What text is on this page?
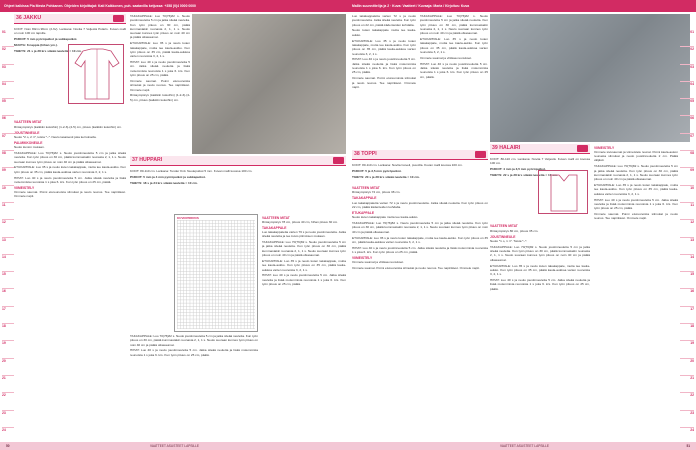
Ohjeet kaikissa Pia Mesta Pohkanen. Ohjeiden kirjoittajat: Kati Kaikkonen, puh. saatavilla ketjussa: +358 (0)4 0000 0000	Mallin suunnittelija ja 2 · Kuva: Vaatteet / Kuvaaja: Maria / Kirjoitus: Kuva
01
02
03
04
05
06
07
08
09
10
11
12
13
14
15
16
17
18
19
20
21
22
23
24
36 JAKKU

KOOT: Noin 80cm·96cm (2-6v). Lankana: Novita 7 Veljestä Polaris. Kuvan malli on noin 100 cm lapsille.

PUIKOT: 5 mm pyöröpuikot ja sukkapuikot.

MUUTA: 8 nappia (hihan ym.).

TIHEYS: 21 s ja 28 krs sileää neuletta = 10 cm.

VAATTEEN MITAT

Rintaympärys (kaikkiin kokoihin) (1-2-3)-(4-5) cm, pituus (kaikkiin kokoihin) cm.

JOUSTINNEULE

Neulo *2 o, 2 n*, toista *–*. Neulo tasaisesti joka kerroksella.

PALMIKKONEULE

Neulo kuvion mukaan.

TAKAKAPPALE: Luo 70(76)82 s. Neulo joustinneuletta 5 cm ja jatka sileää neuletta. Kun työn pituus on 30 cm, päätä kummastakin reunasta 2, 1, 1 s. Neulo suoraan kunnes työn pituus on noin 40 cm ja päätä olkasaumat.

ETUKAPPALE: Luo 35 s ja neulo kuten takakappale, mutta tee kaula-aukko. Kun työn pituus on 35 cm, päätä kaula-aukkoa varten reunoista 3, 2, 1 s.

HIHAT: Luo 40 s ja neulo joustinneuletta 5 cm. Jatka sileää neuletta ja lisää molemmista reunoista 1 s joka 6. krs. Kun työn pituus on 25 cm, päätä.

VIIMEISTELY

Ommele saumat. Poimi etureunoista silmukat ja neulo reunus. Tee napinlävet. Ommele napit.

TAKAKAPPALE: Luo 70(76)82 s. Neulo joustinneuletta 5 cm ja jatka sileää neuletta. Kun työn pituus on 30 cm, päätä kummastakin reunasta 2, 1, 1 s. Neulo suoraan kunnes työn pituus on noin 40 cm ja päätä olkasaumat.

ETUKAPPALE: Luo 35 s ja neulo kuten takakappale, mutta tee kaula-aukko. Kun työn pituus on 35 cm, päätä kaula-aukkoa varten reunoista 3, 2, 1 s.

HIHAT: Luo 40 s ja neulo joustinneuletta 5 cm. Jatka sileää neuletta ja lisää molemmista reunoista 1 s joka 6. krs. Kun työn pituus on 25 cm, päätä.

Ommele saumat. Poimi etureunoista silmukat ja neulo reunus. Tee napinlävet. Ommele napit.

Rintaympärys (kaikkiin kokoihin) (1-2-3)-(4-5) cm, pituus (kaikkiin kokoihin) cm.

37 HUPPARI

KOOT: 80-110 cm. Lankana: Tender Knit. Neulepuikot 5 mm. Kuvan malli koossa 100 cm.

PUIKOT: 5 mm ja 4 mm pyöröpuikot ja sukkapuikot.

TIHEYS: 18 s ja 24 krs sileää neuletta = 10 cm.

KUVIOPIIRROS	VAATTEEN MITAT

Rintaympärys 78 cm, pituus 40 cm, hihan pituus 30 cm.

TAKAKAPPALE

Luo takakappaletta varten 76 s ja neulo joustinneuletta. Jatka sileää neuletta ja tee kuvio piirroksen mukaan.

TAKAKAPPALE: Luo 70(76)82 s. Neulo joustinneuletta 5 cm ja jatka sileää neuletta. Kun työn pituus on 30 cm, päätä kummastakin reunasta 2, 1, 1 s. Neulo suoraan kunnes työn pituus on noin 40 cm ja päätä olkasaumat.

ETUKAPPALE: Luo 35 s ja neulo kuten takakappale, mutta tee kaula-aukko. Kun työn pituus on 35 cm, päätä kaula-aukkoa varten reunoista 3, 2, 1 s.

HIHAT: Luo 40 s ja neulo joustinneuletta 5 cm. Jatka sileää neuletta ja lisää molemmista reunoista 1 s joka 6. krs. Kun työn pituus on 25 cm, päätä.

TAKAKAPPALE: Luo 70(76)82 s. Neulo joustinneuletta 5 cm ja jatka sileää neuletta. Kun työn pituus on 30 cm, päätä kummastakin reunasta 2, 1, 1 s. Neulo suoraan kunnes työn pituus on noin 40 cm ja päätä olkasaumat.

HIHAT: Luo 40 s ja neulo joustinneuletta 5 cm. Jatka sileää neuletta ja lisää molemmista reunoista 1 s joka 6. krs. Kun työn pituus on 25 cm, päätä.

Luo takakappaletta varten 72 s ja neulo joustinneuletta. Jatka sileää neuletta. Kun työn pituus on 22 cm, päätä kädenteiden kohdalta.

Neulo kuten takakappale mutta tee kaula-aukko.

ETUKAPPALE: Luo 35 s ja neulo kuten takakappale, mutta tee kaula-aukko. Kun työn pituus on 35 cm, päätä kaula-aukkoa varten reunoista 3, 2, 1 s.

HIHAT: Luo 40 s ja neulo joustinneuletta 5 cm. Jatka sileää neuletta ja lisää molemmista reunoista 1 s joka 6. krs. Kun työn pituus on 25 cm, päätä.

Ommele saumat. Poimi etureunoista silmukat ja neulo reunus. Tee napinlävet. Ommele napit.

TAKAKAPPALE: Luo 70(76)82 s. Neulo joustinneuletta 5 cm ja jatka sileää neuletta. Kun työn pituus on 30 cm, päätä kummastakin reunasta 2, 1, 1 s. Neulo suoraan kunnes työn pituus on noin 40 cm ja päätä olkasaumat.

ETUKAPPALE: Luo 35 s ja neulo kuten takakappale, mutta tee kaula-aukko. Kun työn pituus on 35 cm, päätä kaula-aukkoa varten reunoista 3, 2, 1 s.

Ommele saumat ja virkkaa reunukset.

HIHAT: Luo 40 s ja neulo joustinneuletta 5 cm. Jatka sileää neuletta ja lisää molemmista reunoista 1 s joka 6. krs. Kun työn pituus on 25 cm, päätä.

38 TOPPI

KOOT: 80-110 cm. Lankana: Novita Isoveli, puuvilla. Kuvan malli koossa 100 cm.

PUIKOT: 5 ja 3,5 mm pyöröpuikot.

TIHEYS: 20 s ja 28 krs sileää neuletta = 10 cm.

VAATTEEN MITAT

Rintaympärys 72 cm, pituus 38 cm.

TAKAKAPPALE

Luo takakappaletta varten 72 s ja neulo joustinneuletta. Jatka sileää neuletta. Kun työn pituus on 22 cm, päätä kädenteiden kohdalta.

ETUKAPPALE

Neulo kuten takakappale mutta tee kaula-aukko.

TAKAKAPPALE: Luo 70(76)82 s. Neulo joustinneuletta 5 cm ja jatka sileää neuletta. Kun työn pituus on 30 cm, päätä kummastakin reunasta 2, 1, 1 s. Neulo suoraan kunnes työn pituus on noin 40 cm ja päätä olkasaumat.

ETUKAPPALE: Luo 35 s ja neulo kuten takakappale, mutta tee kaula-aukko. Kun työn pituus on 35 cm, päätä kaula-aukkoa varten reunoista 3, 2, 1 s.

HIHAT: Luo 40 s ja neulo joustinneuletta 5 cm. Jatka sileää neuletta ja lisää molemmista reunoista 1 s joka 6. krs. Kun työn pituus on 25 cm, päätä.

VIIMEISTELY

Ommele saumat ja virkkaa reunukset.

Ommele saumat. Poimi etureunoista silmukat ja neulo reunus. Tee napinlävet. Ommele napit.

39 HALAIRI

KOOT: 80-110 cm. Lankana: Novita 7 Veljestä. Kuvan malli on koossa 100 cm.

PUIKOT: 4 mm ja 3,5 mm pyöröpuikot.

TIHEYS: 22 s ja 28 krs sileää neuletta = 10 cm.

VAATTEEN MITAT

Rintaympärys 80 cm, pituus 35 cm.

JOUSTINNEULE

Neulo *1 o, 1 n*. Toista *–*.

TAKAKAPPALE: Luo 70(76)82 s. Neulo joustinneuletta 5 cm ja jatka sileää neuletta. Kun työn pituus on 30 cm, päätä kummastakin reunasta 2, 1, 1 s. Neulo suoraan kunnes työn pituus on noin 40 cm ja päätä olkasaumat.

ETUKAPPALE: Luo 35 s ja neulo kuten takakappale, mutta tee kaula-aukko. Kun työn pituus on 35 cm, päätä kaula-aukkoa varten reunoista 3, 2, 1 s.

HIHAT: Luo 40 s ja neulo joustinneuletta 5 cm. Jatka sileää neuletta ja lisää molemmista reunoista 1 s joka 6. krs. Kun työn pituus on 25 cm, päätä.

VIIMEISTELY

Ommele sivusaumat ja viimeistele reunat. Poimi kaula-aukon reunasta silmukat ja neulo joustinneuletta 2 cm. Päätä väljästi.

TAKAKAPPALE: Luo 70(76)82 s. Neulo joustinneuletta 5 cm ja jatka sileää neuletta. Kun työn pituus on 30 cm, päätä kummastakin reunasta 2, 1, 1 s. Neulo suoraan kunnes työn pituus on noin 40 cm ja päätä olkasaumat.

ETUKAPPALE: Luo 35 s ja neulo kuten takakappale, mutta tee kaula-aukko. Kun työn pituus on 35 cm, päätä kaula-aukkoa varten reunoista 3, 2, 1 s.

HIHAT: Luo 40 s ja neulo joustinneuletta 5 cm. Jatka sileää neuletta ja lisää molemmista reunoista 1 s joka 6. krs. Kun työn pituus on 25 cm, päätä.

Ommele saumat. Poimi etureunoista silmukat ja neulo reunus. Tee napinlävet. Ommele napit.

01
02
03
04
05
06
07
08
09
10
11
12
13
14
15
16
17
18
19
20
21
22
23
24
50	VAATTEET ASUSTEET LAPSILLE	VAATTEET ASUSTEET LAPSILLE	51
